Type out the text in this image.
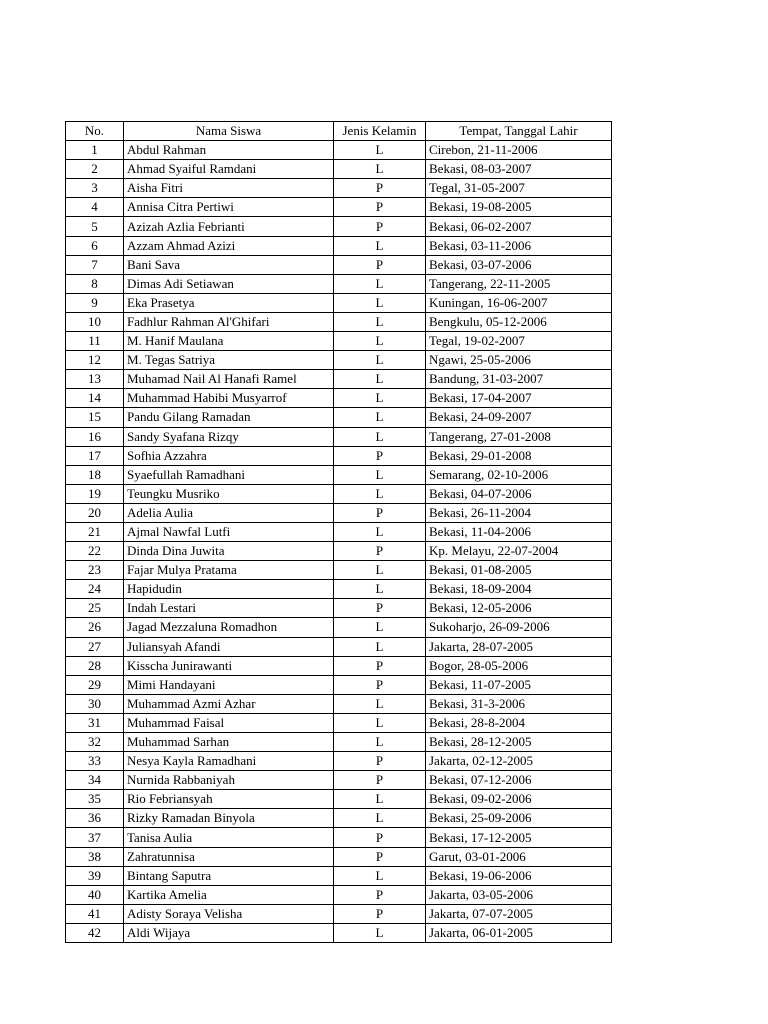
No.	Nama Siswa	Jenis Kelamin	Tempat, Tanggal Lahir
1	Abdul Rahman	L	Cirebon, 21-11-2006
2	Ahmad Syaiful Ramdani	L	Bekasi, 08-03-2007
3	Aisha Fitri	P	Tegal, 31-05-2007
4	Annisa Citra Pertiwi	P	Bekasi, 19-08-2005
5	Azizah Azlia Febrianti	P	Bekasi, 06-02-2007
6	Azzam Ahmad Azizi	L	Bekasi, 03-11-2006
7	Bani Sava	P	Bekasi, 03-07-2006
8	Dimas Adi Setiawan	L	Tangerang, 22-11-2005
9	Eka Prasetya	L	Kuningan, 16-06-2007
10	Fadhlur Rahman Al'Ghifari	L	Bengkulu, 05-12-2006
11	M. Hanif Maulana	L	Tegal, 19-02-2007
12	M. Tegas Satriya	L	Ngawi, 25-05-2006
13	Muhamad Nail Al Hanafi Ramel	L	Bandung, 31-03-2007
14	Muhammad Habibi Musyarrof	L	Bekasi, 17-04-2007
15	Pandu Gilang Ramadan	L	Bekasi, 24-09-2007
16	Sandy Syafana Rizqy	L	Tangerang, 27-01-2008
17	Sofhia Azzahra	P	Bekasi, 29-01-2008
18	Syaefullah Ramadhani	L	Semarang, 02-10-2006
19	Teungku Musriko	L	Bekasi, 04-07-2006
20	Adelia Aulia	P	Bekasi, 26-11-2004
21	Ajmal Nawfal Lutfi	L	Bekasi, 11-04-2006
22	Dinda Dina Juwita	P	Kp. Melayu, 22-07-2004
23	Fajar Mulya Pratama	L	Bekasi, 01-08-2005
24	Hapidudin	L	Bekasi, 18-09-2004
25	Indah Lestari	P	Bekasi, 12-05-2006
26	Jagad Mezzaluna Romadhon	L	Sukoharjo, 26-09-2006
27	Juliansyah Afandi	L	Jakarta, 28-07-2005
28	Kisscha Junirawanti	P	Bogor, 28-05-2006
29	Mimi Handayani	P	Bekasi, 11-07-2005
30	Muhammad Azmi Azhar	L	Bekasi, 31-3-2006
31	Muhammad Faisal	L	Bekasi, 28-8-2004
32	Muhammad Sarhan	L	Bekasi, 28-12-2005
33	Nesya Kayla Ramadhani	P	Jakarta, 02-12-2005
34	Nurnida Rabbaniyah	P	Bekasi, 07-12-2006
35	Rio Febriansyah	L	Bekasi, 09-02-2006
36	Rizky Ramadan Binyola	L	Bekasi, 25-09-2006
37	Tanisa Aulia	P	Bekasi, 17-12-2005
38	Zahratunnisa	P	Garut, 03-01-2006
39	Bintang Saputra	L	Bekasi, 19-06-2006
40	Kartika Amelia	P	Jakarta, 03-05-2006
41	Adisty Soraya Velisha	P	Jakarta, 07-07-2005
42	Aldi Wijaya	L	Jakarta, 06-01-2005
